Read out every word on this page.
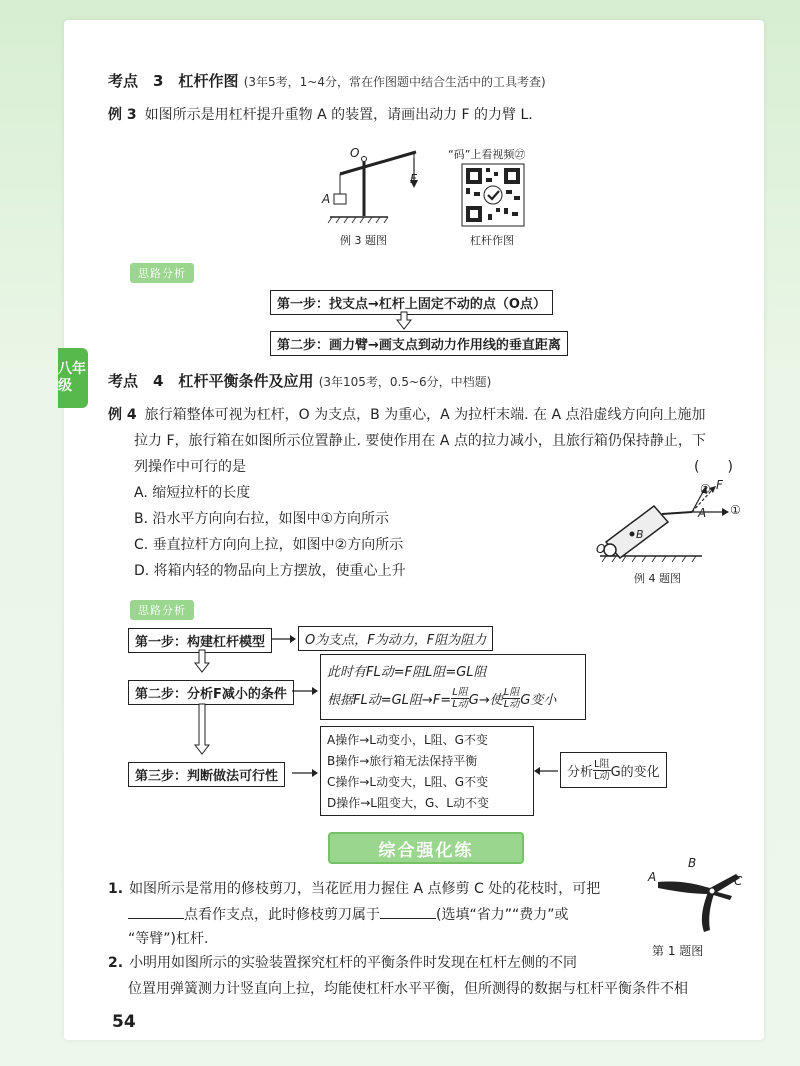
八年级
考点　3　杠杆作图 (3年5考，1~4分，常在作图题中结合生活中的工具考查)
例 3 如图所示是用杠杆提升重物 A 的装置，请画出动力 F 的力臂 L.
O
F
A
例 3 题图
“码”上看视频㉗
杠杆作图
思路分析
第一步：找支点→杠杆上固定不动的点（O点）
第二步：画力臂→画支点到动力作用线的垂直距离
考点　4　杠杆平衡条件及应用 (3年105考，0.5~6分，中档题)
例 4 旅行箱整体可视为杠杆，O 为支点，B 为重心，A 为拉杆末端. 在 A 点沿虚线方向向上施加
拉力 F，旅行箱在如图所示位置静止. 要使作用在 A 点的拉力减小，且旅行箱仍保持静止，下
列操作中可行的是	(　　)
A. 缩短拉杆的长度
B. 沿水平方向向右拉，如图中①方向所示
C. 垂直拉杆方向向上拉，如图中②方向所示
D. 将箱内轻的物品向上方摆放，使重心上升
② F
A ①
B
O
例 4 题图
思路分析
第一步：构建杠杆模型	O为支点，F为动力，F阻为阻力
第二步：分析F减小的条件
此时有FL动=F阻L阻=GL阻
根据FL动=GL阻$\to F= \frac{\text{L阻}}{\text{L动}} G\to$使 $\frac{\text{L阻}}{\text{L动}}$ G变小
第三步：判断做法可行性
A操作→L动变小，L阻、G不变
B操作→旅行箱无法保持平衡
C操作→L动变大，L阻、G不变
D操作→L阻变大，G、L动不变
分析 $\frac{\text{L阻}}{\text{L动}}$ G的变化
综合强化练
1. 如图所示是常用的修枝剪刀，当花匠用力握住 A 点修剪 C 处的花枝时，可把
点看作支点，此时修枝剪刀属于	(选填“省力”“费力”或
“等臂”)杠杆.
A
B
C
第 1 题图
2. 小明用如图所示的实验装置探究杠杆的平衡条件时发现在杠杆左侧的不同
位置用弹簧测力计竖直向上拉，均能使杠杆水平平衡，但所测得的数据与杠杆平衡条件不相
54
